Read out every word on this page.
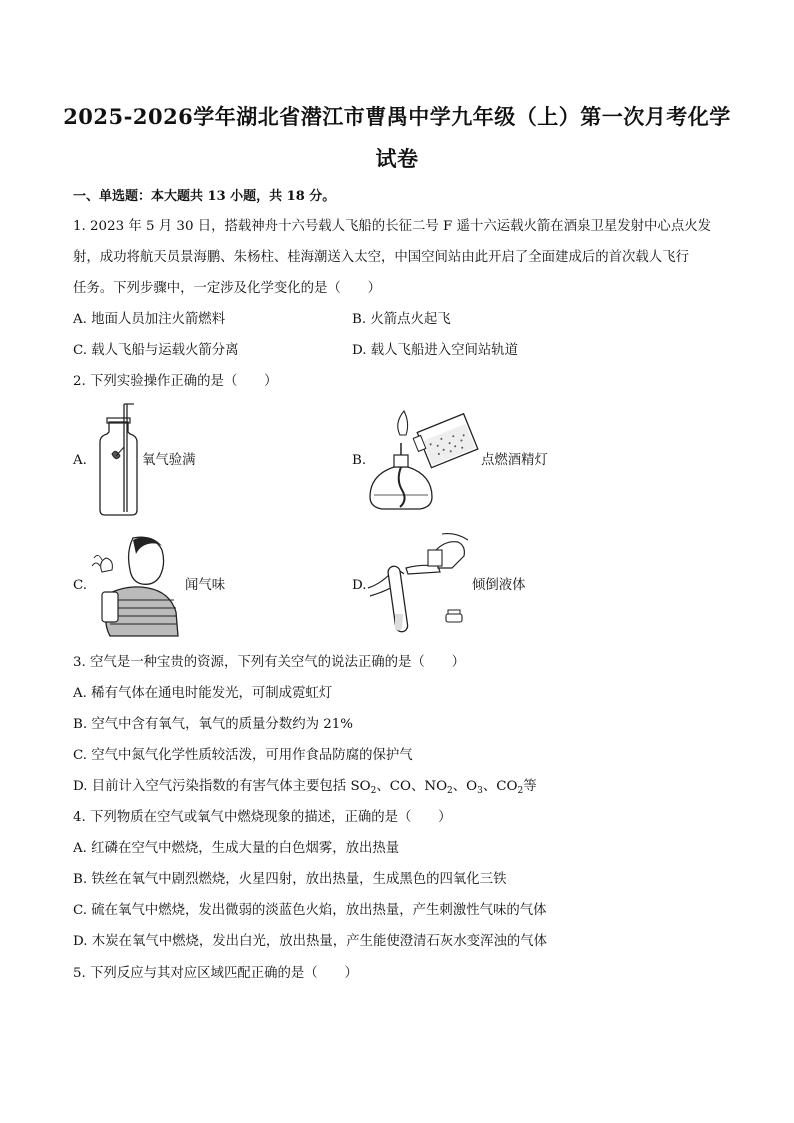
2025-2026学年湖北省潜江市曹禺中学九年级（上）第一次月考化学
试卷
一、单选题：本大题共 13 小题，共 18 分。
1. 2023 年 5 月 30 日，搭载神舟十六号载人飞船的长征二号 F 遥十六运载火箭在酒泉卫星发射中心点火发
射，成功将航天员景海鹏、朱杨柱、桂海潮送入太空，中国空间站由此开启了全面建成后的首次载人飞行
任务。下列步骤中，一定涉及化学变化的是（　　）
A. 地面人员加注火箭燃料	B. 火箭点火起飞
C. 载人飞船与运载火箭分离	D. 载人飞船进入空间站轨道
2. 下列实验操作正确的是（　　）
A.	氧气验满	B.	点燃酒精灯
C.	闻气味	D.	倾倒液体
3. 空气是一种宝贵的资源，下列有关空气的说法正确的是（　　）
A. 稀有气体在通电时能发光，可制成霓虹灯
B. 空气中含有氧气，氧气的质量分数约为 21%
C. 空气中氮气化学性质较活泼，可用作食品防腐的保护气
D. 目前计入空气污染指数的有害气体主要包括 $SO_2$、CO、$NO_2$、$O_3$、$CO_2$等
4. 下列物质在空气或氧气中燃烧现象的描述，正确的是（　　）
A. 红磷在空气中燃烧，生成大量的白色烟雾，放出热量
B. 铁丝在氧气中剧烈燃烧，火星四射，放出热量，生成黑色的四氧化三铁
C. 硫在氧气中燃烧，发出微弱的淡蓝色火焰，放出热量，产生刺激性气味的气体
D. 木炭在氧气中燃烧，发出白光，放出热量，产生能使澄清石灰水变浑浊的气体
5. 下列反应与其对应区域匹配正确的是（　　）
